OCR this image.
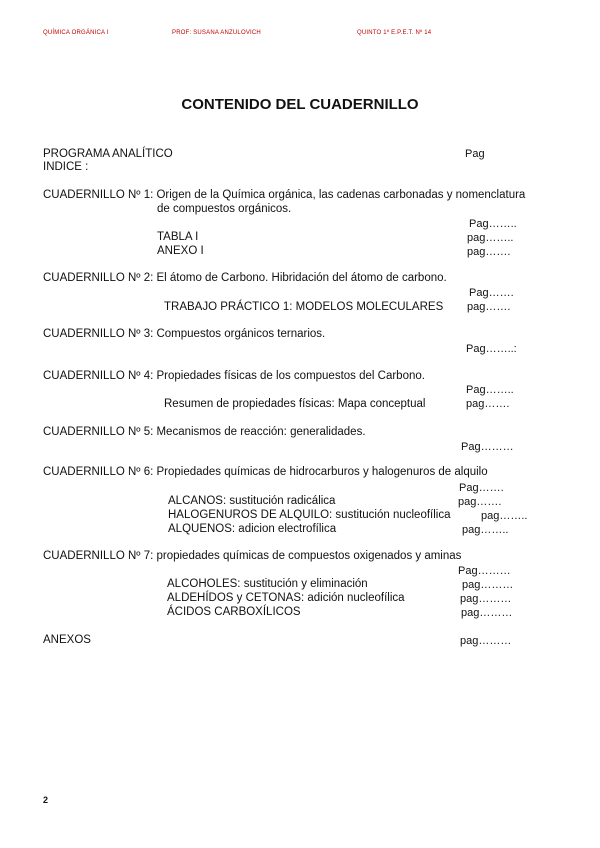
QUÍMICA ORGÁNICA I	PROF: SUSANA ANZULOVICH	QUINTO 1º E.P.E.T. Nº 14
CONTENIDO DEL CUADERNILLO
PROGRAMA ANALÍTICO	Pag
INDICE :
CUADERNILLO Nº 1: Origen de la Química orgánica, las cadenas carbonadas y nomenclatura
de compuestos orgánicos.
Pag……..
TABLA I	pag……..
ANEXO I	pag…….
CUADERNILLO Nº 2: El átomo de Carbono. Hibridación del átomo de carbono.
Pag…….
TRABAJO PRÁCTICO 1: MODELOS MOLECULARES pag…….
CUADERNILLO Nº 3: Compuestos orgánicos ternarios.
Pag……..:
CUADERNILLO Nº 4: Propiedades físicas de los compuestos del Carbono.
Pag……..
Resumen de propiedades físicas: Mapa conceptual	pag…….
CUADERNILLO Nº 5: Mecanismos de reacción: generalidades.
Pag………
CUADERNILLO Nº 6: Propiedades químicas de hidrocarburos y halogenuros de alquilo
Pag…….
ALCANOS: sustitución radicálica	pag…….
HALOGENUROS DE ALQUILO: sustitución nucleofílica	pag……..
ALQUENOS: adicion electrofílica	pag……..
CUADERNILLO Nº 7: propiedades químicas de compuestos oxigenados y aminas
Pag………
ALCOHOLES: sustitución y eliminación	pag………
ALDEHÍDOS y CETONAS: adición nucleofílica	pag………
ÁCIDOS CARBOXÍLICOS	pag………
ANEXOS	pag………
2
